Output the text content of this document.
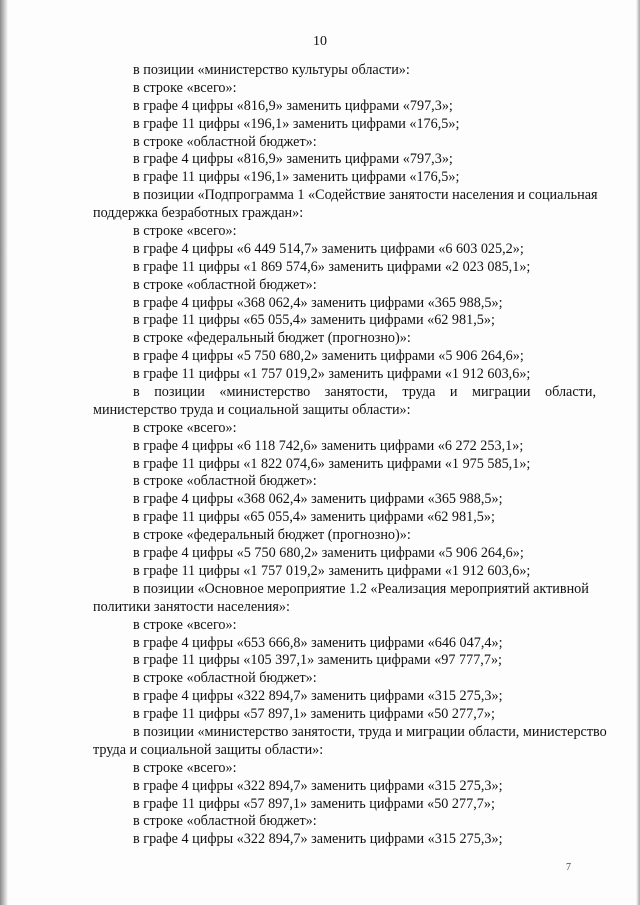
10
в позиции «министерство культуры области»:
в строке «всего»:
в графе 4 цифры «816,9» заменить цифрами «797,3»;
в графе 11 цифры «196,1» заменить цифрами «176,5»;
в строке «областной бюджет»:
в графе 4 цифры «816,9» заменить цифрами «797,3»;
в графе 11 цифры «196,1» заменить цифрами «176,5»;
в позиции «Подпрограмма 1 «Содействие занятости населения и социальная
поддержка безработных граждан»:
в строке «всего»:
в графе 4 цифры «6 449 514,7» заменить цифрами «6 603 025,2»;
в графе 11 цифры «1 869 574,6» заменить цифрами «2 023 085,1»;
в строке «областной бюджет»:
в графе 4 цифры «368 062,4» заменить цифрами «365 988,5»;
в графе 11 цифры «65 055,4» заменить цифрами «62 981,5»;
в строке «федеральный бюджет (прогнозно)»:
в графе 4 цифры «5 750 680,2» заменить цифрами «5 906 264,6»;
в графе 11 цифры «1 757 019,2» заменить цифрами «1 912 603,6»;
в позиции «министерство занятости, труда и миграции области,
министерство труда и социальной защиты области»:
в строке «всего»:
в графе 4 цифры «6 118 742,6» заменить цифрами «6 272 253,1»;
в графе 11 цифры «1 822 074,6» заменить цифрами «1 975 585,1»;
в строке «областной бюджет»:
в графе 4 цифры «368 062,4» заменить цифрами «365 988,5»;
в графе 11 цифры «65 055,4» заменить цифрами «62 981,5»;
в строке «федеральный бюджет (прогнозно)»:
в графе 4 цифры «5 750 680,2» заменить цифрами «5 906 264,6»;
в графе 11 цифры «1 757 019,2» заменить цифрами «1 912 603,6»;
в позиции «Основное мероприятие 1.2 «Реализация мероприятий активной
политики занятости населения»:
в строке «всего»:
в графе 4 цифры «653 666,8» заменить цифрами «646 047,4»;
в графе 11 цифры «105 397,1» заменить цифрами «97 777,7»;
в строке «областной бюджет»:
в графе 4 цифры «322 894,7» заменить цифрами «315 275,3»;
в графе 11 цифры «57 897,1» заменить цифрами «50 277,7»;
в позиции «министерство занятости, труда и миграции области, министерство
труда и социальной защиты области»:
в строке «всего»:
в графе 4 цифры «322 894,7» заменить цифрами «315 275,3»;
в графе 11 цифры «57 897,1» заменить цифрами «50 277,7»;
в строке «областной бюджет»:
в графе 4 цифры «322 894,7» заменить цифрами «315 275,3»;
7
